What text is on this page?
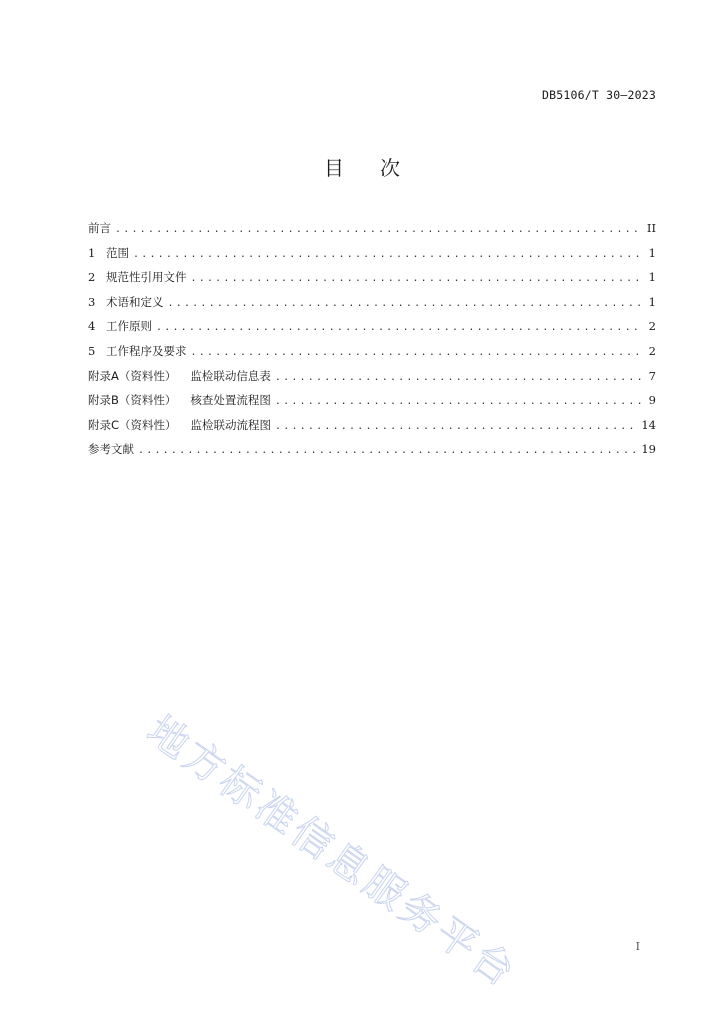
DB5106/T 30—2023
目 次
前言 .....	II
1 范围 .....	1
2 规范性引用文件 .....	1
3 术语和定义 .....	1
4 工作原则 .....	2
5 工作程序及要求 .....	2
附录A（资料性） 监检联动信息表 .....	7
附录B（资料性） 核查处置流程图 .....	9
附录C（资料性） 监检联动流程图 .....	14
参考文献 .....	19
地方标准信息服务平台	I
